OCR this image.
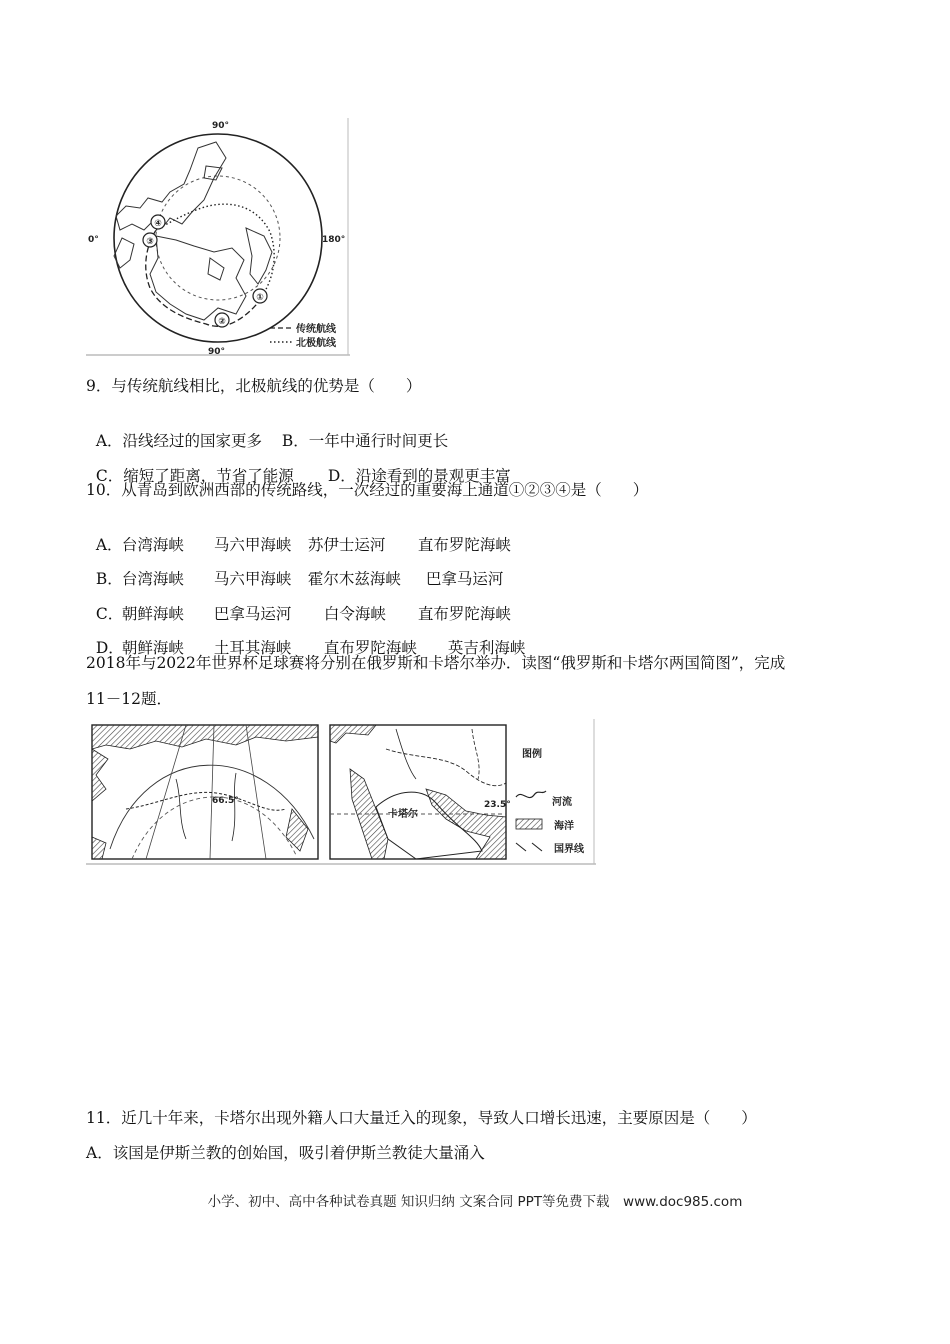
①
②
③
④
90°
90°
0°	180°
传统航线
北极航线
9．与传统航线相比，北极航线的优势是（　　）

A．沿线经过的国家更多 B．一年中通行时间更长

C．缩短了距离，节省了能源 D．沿途看到的景观更丰富

10．从青岛到欧洲西部的传统路线，一次经过的重要海上通道①②③④是（　　）

A．台湾海峡 马六甲海峡 苏伊士运河 直布罗陀海峡

B．台湾海峡 马六甲海峡 霍尔木兹海峡 巴拿马运河

C．朝鲜海峡 巴拿马运河 白令海峡 直布罗陀海峡

D．朝鲜海峡 土耳其海峡 直布罗陀海峡 英吉利海峡

2018年与2022年世界杯足球赛将分别在俄罗斯和卡塔尔举办．读图“俄罗斯和卡塔尔两国简图”，完成
11－12题．
66.5°
卡塔尔
23.5°
图例
河流
海洋
国界线
11．近几十年来，卡塔尔出现外籍人口大量迁入的现象，导致人口增长迅速，主要原因是（　　）
A．该国是伊斯兰教的创始国，吸引着伊斯兰教徒大量涌入
小学、初中、高中各种试卷真题 知识归纳 文案合同 PPT等免费下载　www.doc985.com
